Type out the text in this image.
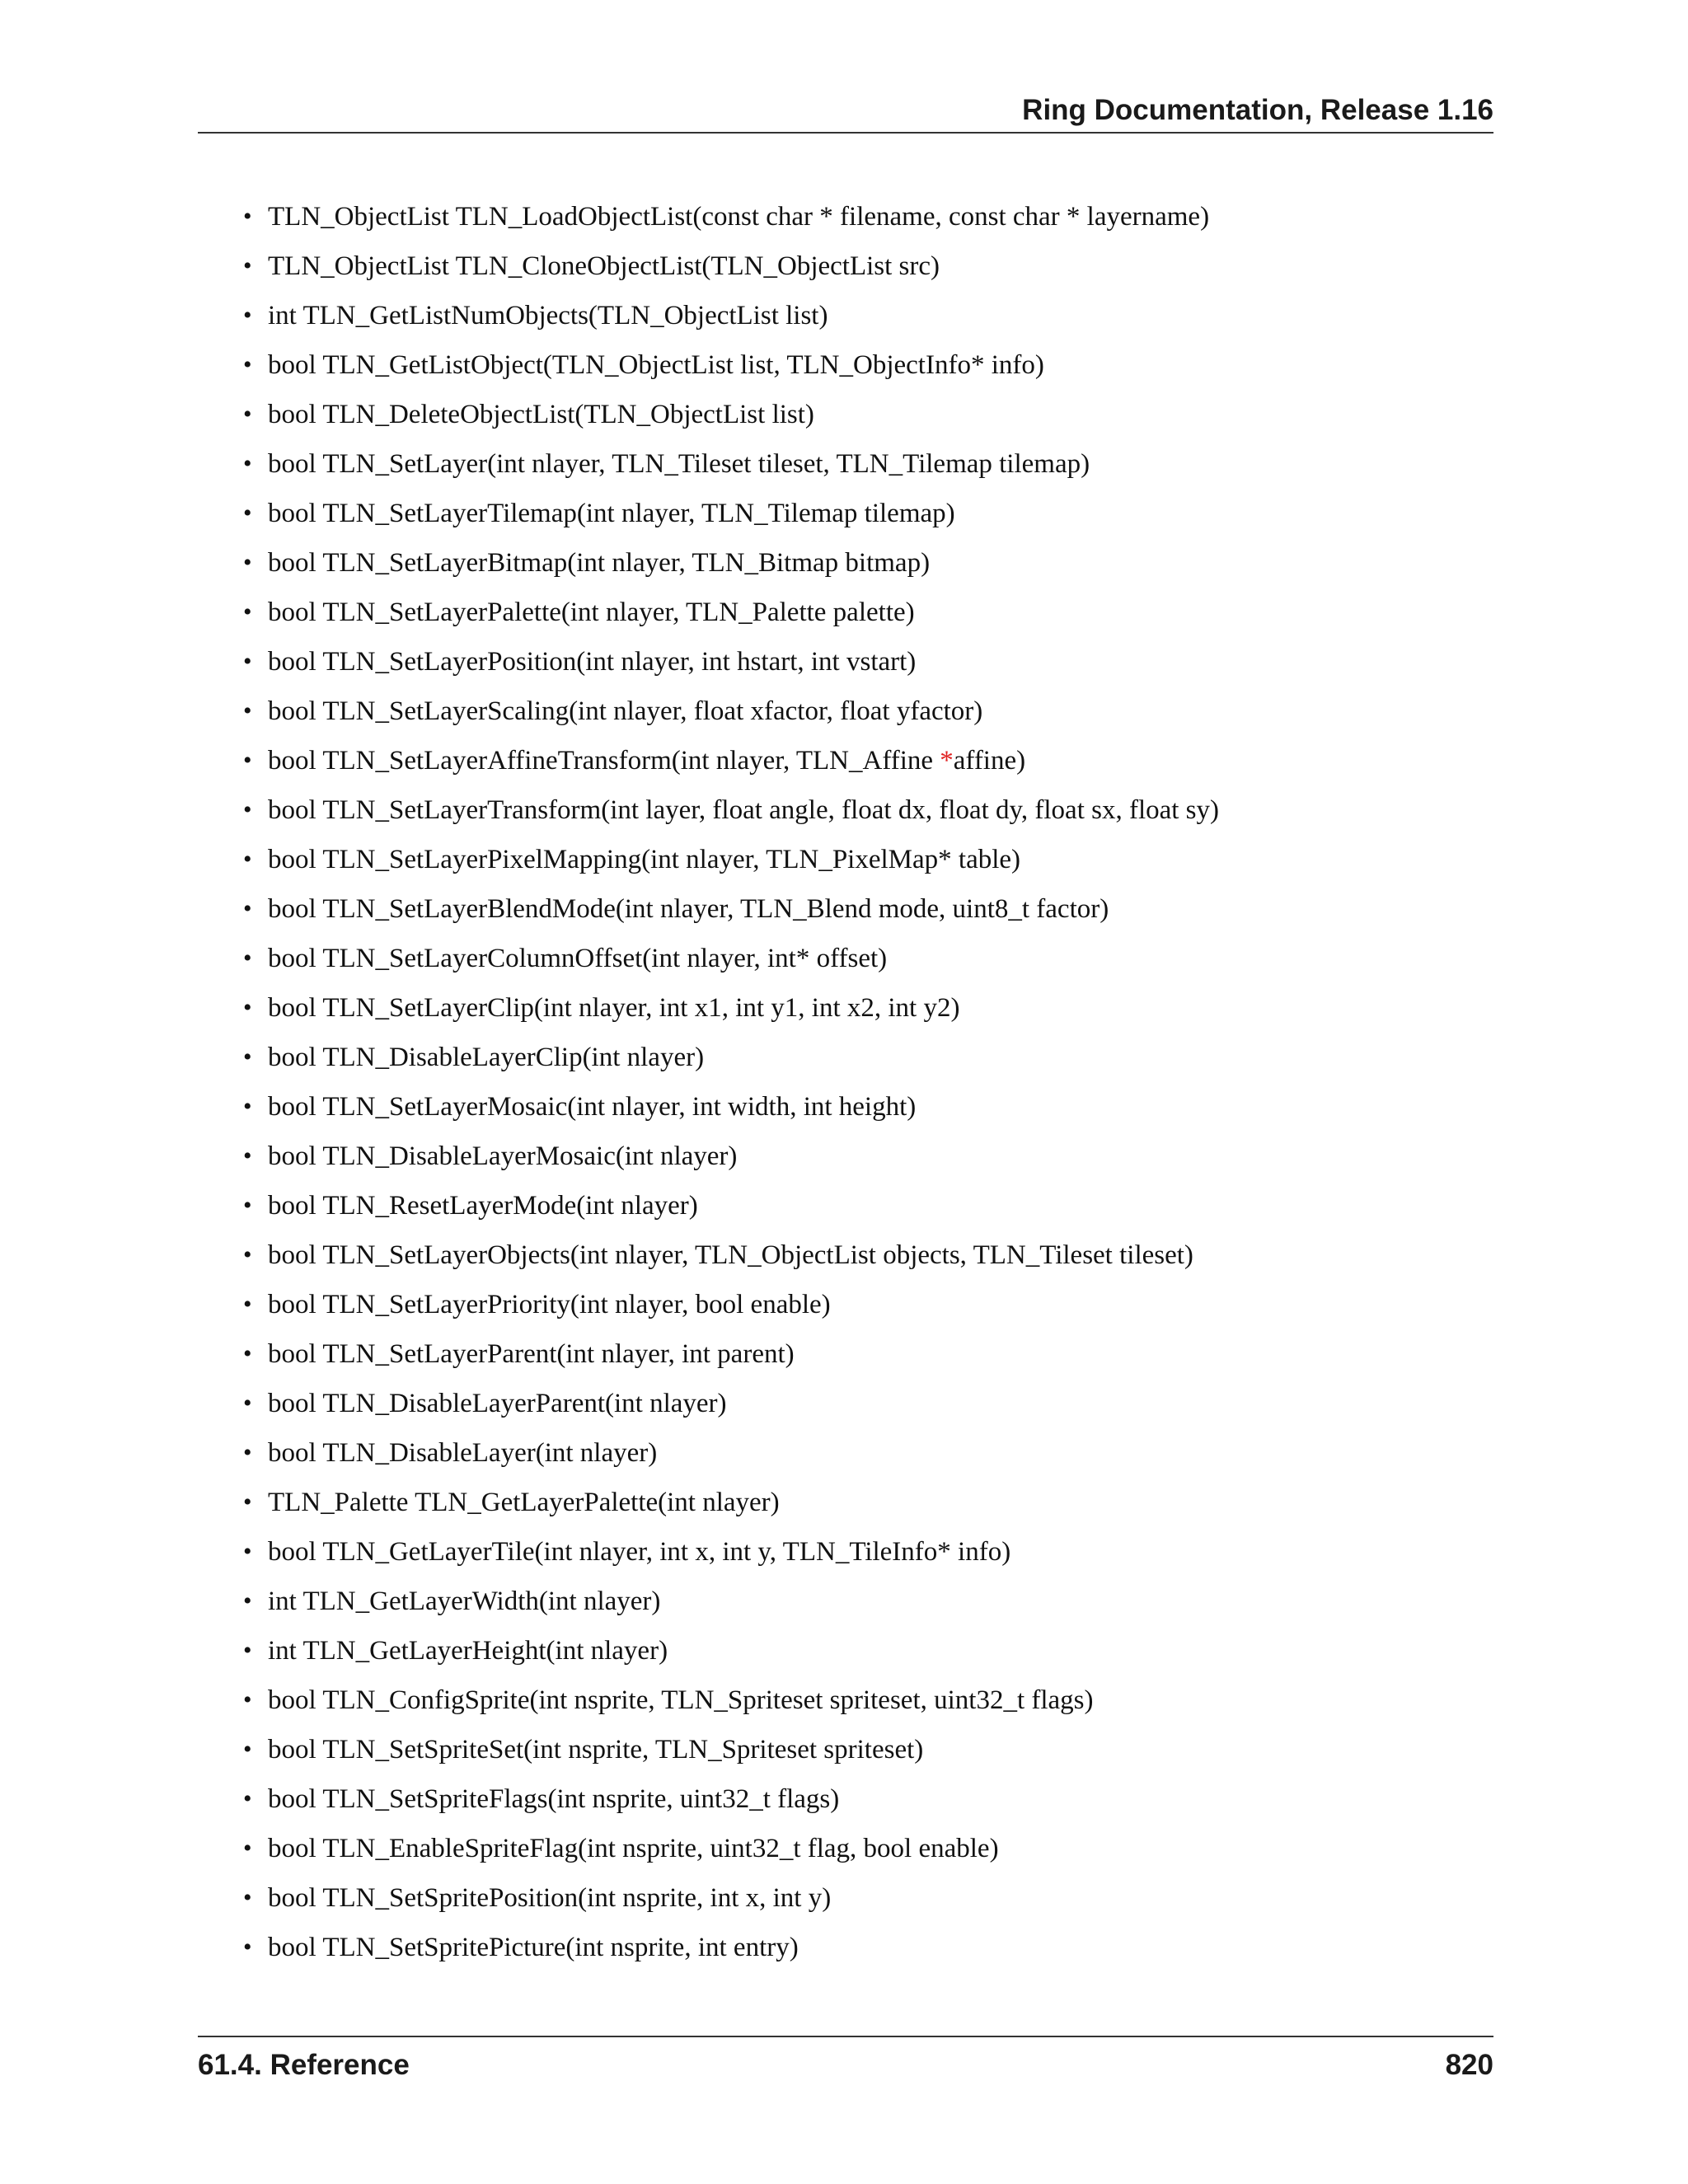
Ring Documentation, Release 1.16
• TLN_ObjectList TLN_LoadObjectList(const char * filename, const char * layername)
• TLN_ObjectList TLN_CloneObjectList(TLN_ObjectList src)
• int TLN_GetListNumObjects(TLN_ObjectList list)
• bool TLN_GetListObject(TLN_ObjectList list, TLN_ObjectInfo* info)
• bool TLN_DeleteObjectList(TLN_ObjectList list)
• bool TLN_SetLayer(int nlayer, TLN_Tileset tileset, TLN_Tilemap tilemap)
• bool TLN_SetLayerTilemap(int nlayer, TLN_Tilemap tilemap)
• bool TLN_SetLayerBitmap(int nlayer, TLN_Bitmap bitmap)
• bool TLN_SetLayerPalette(int nlayer, TLN_Palette palette)
• bool TLN_SetLayerPosition(int nlayer, int hstart, int vstart)
• bool TLN_SetLayerScaling(int nlayer, float xfactor, float yfactor)
• bool TLN_SetLayerAffineTransform(int nlayer, TLN_Affine *affine)
• bool TLN_SetLayerTransform(int layer, float angle, float dx, float dy, float sx, float sy)
• bool TLN_SetLayerPixelMapping(int nlayer, TLN_PixelMap* table)
• bool TLN_SetLayerBlendMode(int nlayer, TLN_Blend mode, uint8_t factor)
• bool TLN_SetLayerColumnOffset(int nlayer, int* offset)
• bool TLN_SetLayerClip(int nlayer, int x1, int y1, int x2, int y2)
• bool TLN_DisableLayerClip(int nlayer)
• bool TLN_SetLayerMosaic(int nlayer, int width, int height)
• bool TLN_DisableLayerMosaic(int nlayer)
• bool TLN_ResetLayerMode(int nlayer)
• bool TLN_SetLayerObjects(int nlayer, TLN_ObjectList objects, TLN_Tileset tileset)
• bool TLN_SetLayerPriority(int nlayer, bool enable)
• bool TLN_SetLayerParent(int nlayer, int parent)
• bool TLN_DisableLayerParent(int nlayer)
• bool TLN_DisableLayer(int nlayer)
• TLN_Palette TLN_GetLayerPalette(int nlayer)
• bool TLN_GetLayerTile(int nlayer, int x, int y, TLN_TileInfo* info)
• int TLN_GetLayerWidth(int nlayer)
• int TLN_GetLayerHeight(int nlayer)
• bool TLN_ConfigSprite(int nsprite, TLN_Spriteset spriteset, uint32_t flags)
• bool TLN_SetSpriteSet(int nsprite, TLN_Spriteset spriteset)
• bool TLN_SetSpriteFlags(int nsprite, uint32_t flags)
• bool TLN_EnableSpriteFlag(int nsprite, uint32_t flag, bool enable)
• bool TLN_SetSpritePosition(int nsprite, int x, int y)
• bool TLN_SetSpritePicture(int nsprite, int entry)
61.4. Reference	820
